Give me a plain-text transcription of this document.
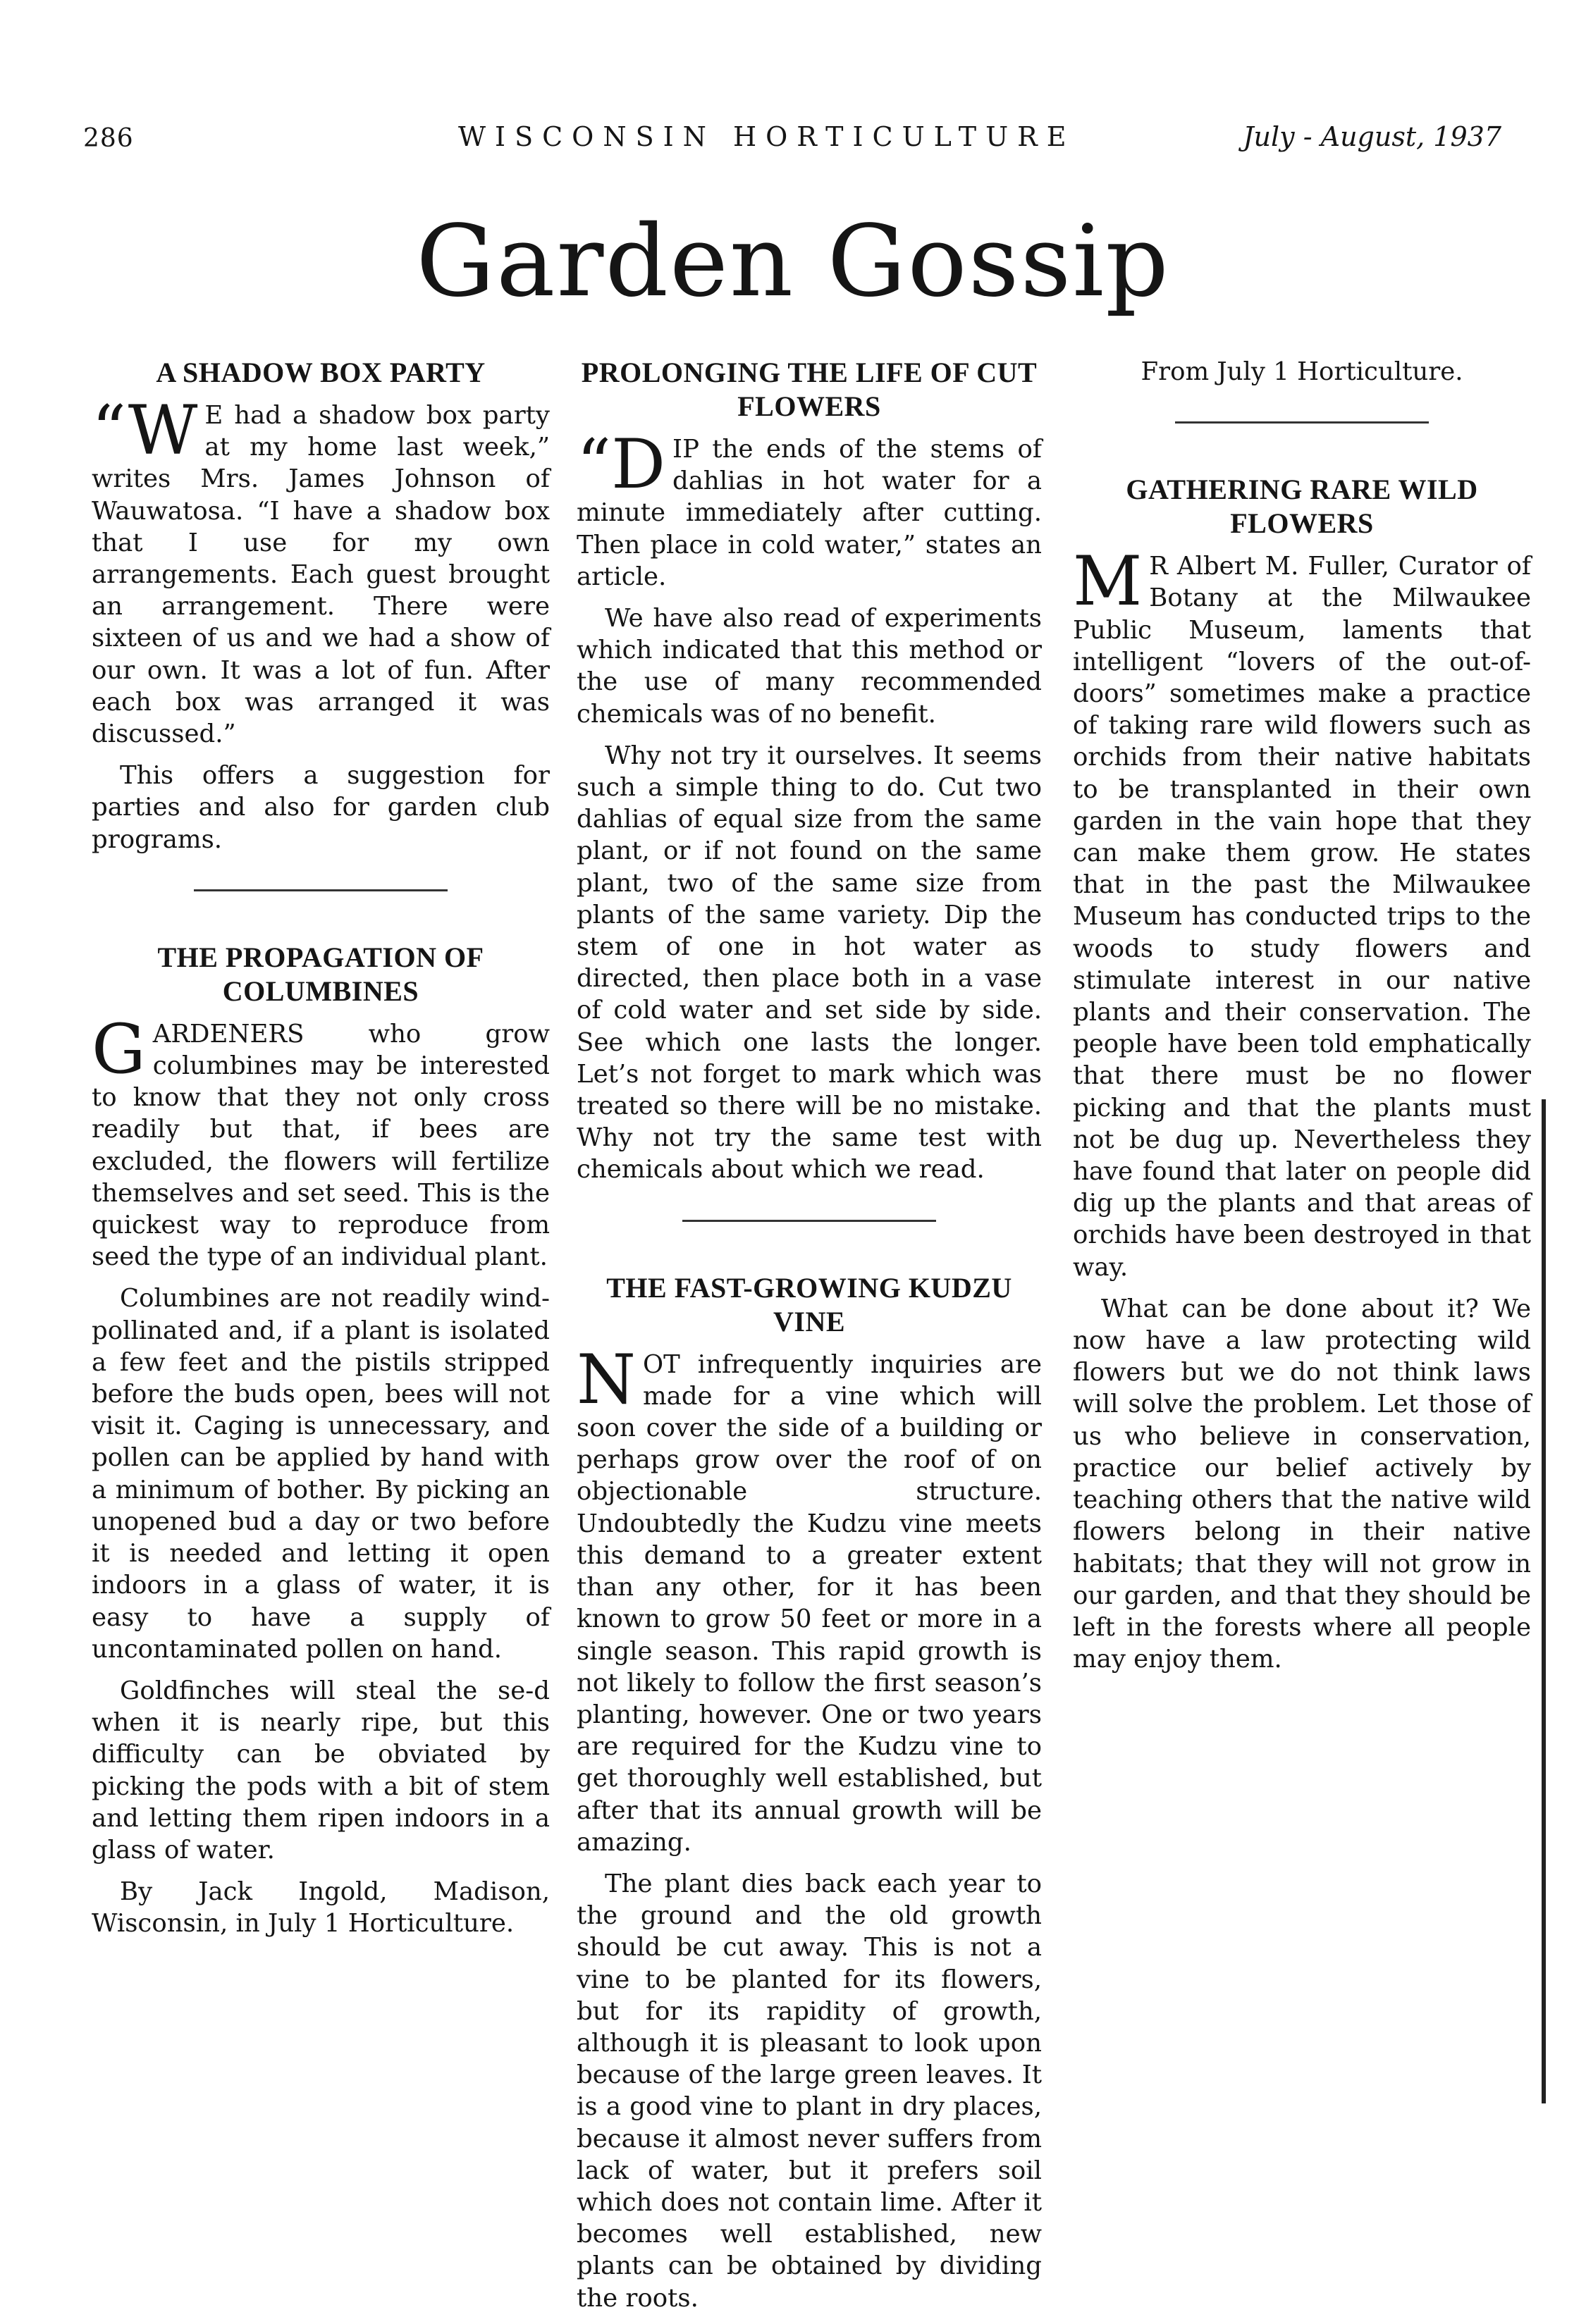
286	WISCONSIN HORTICULTURE	July - August, 1937
Garden Gossip
A SHADOW BOX PARTY

“W E had a shadow box party at my home last week,” writes Mrs. James Johnson of Wauwatosa. “I have a shadow box that I use for my own arrangements. Each guest brought an arrangement. There were sixteen of us and we had a show of our own. It was a lot of fun. After each box was arranged it was discussed.”

This offers a suggestion for parties and also for garden club programs.

THE PROPAGATION OF COLUMBINES

GARDENERS who grow columbines may be interested to know that they not only cross readily but that, if bees are excluded, the flowers will fertilize themselves and set seed. This is the quickest way to reproduce from seed the type of an individual plant.

Columbines are not readily wind-pollinated and, if a plant is isolated a few feet and the pistils stripped before the buds open, bees will not visit it. Caging is unnecessary, and pollen can be applied by hand with a minimum of bother. By picking an unopened bud a day or two before it is needed and letting it open indoors in a glass of water, it is easy to have a supply of uncontaminated pollen on hand.

Goldfinches will steal the se-d when it is nearly ripe, but this difficulty can be obviated by picking the pods with a bit of stem and letting them ripen indoors in a glass of water.

By Jack Ingold, Madison, Wisconsin, in July 1 Horticulture.

PROLONGING THE LIFE OF CUT FLOWERS

“DIP the ends of the stems of dahlias in hot water for a minute immediately after cutting. Then place in cold water,” states an article.

We have also read of experiments which indicated that this method or the use of many recommended chemicals was of no benefit.

Why not try it ourselves. It seems such a simple thing to do. Cut two dahlias of equal size from the same plant, or if not found on the same plant, two of the same size from plants of the same variety. Dip the stem of one in hot water as directed, then place both in a vase of cold water and set side by side. See which one lasts the longer. Let’s not forget to mark which was treated so there will be no mistake. Why not try the same test with chemicals about which we read.

THE FAST-GROWING KUDZU VINE

NOT infrequently inquiries are made for a vine which will soon cover the side of a building or perhaps grow over the roof of on objectionable structure. Undoubtedly the Kudzu vine meets this demand to a greater extent than any other, for it has been known to grow 50 feet or more in a single season. This rapid growth is not likely to follow the first season’s planting, however. One or two years are required for the Kudzu vine to get thoroughly well established, but after that its annual growth will be amazing.

The plant dies back each year to the ground and the old growth should be cut away. This is not a vine to be planted for its flowers, but for its rapidity of growth, although it is pleasant to look upon because of the large green leaves. It is a good vine to plant in dry places, because it almost never suffers from lack of water, but it prefers soil which does not contain lime. After it becomes well established, new plants can be obtained by dividing the roots.

From July 1 Horticulture.

GATHERING RARE WILD FLOWERS

M R Albert M. Fuller, Curator of Botany at the Milwaukee Public Museum, laments that intelligent “lovers of the out-of-doors” sometimes make a practice of taking rare wild flowers such as orchids from their native habitats to be transplanted in their own garden in the vain hope that they can make them grow. He states that in the past the Milwaukee Museum has conducted trips to the woods to study flowers and stimulate interest in our native plants and their conservation. The people have been told emphatically that there must be no flower picking and that the plants must not be dug up. Nevertheless they have found that later on people did dig up the plants and that areas of orchids have been destroyed in that way.

What can be done about it? We now have a law protecting wild flowers but we do not think laws will solve the problem. Let those of us who believe in conservation, practice our belief actively by teaching others that the native wild flowers belong in their native habitats; that they will not grow in our garden, and that they should be left in the forests where all people may enjoy them.
